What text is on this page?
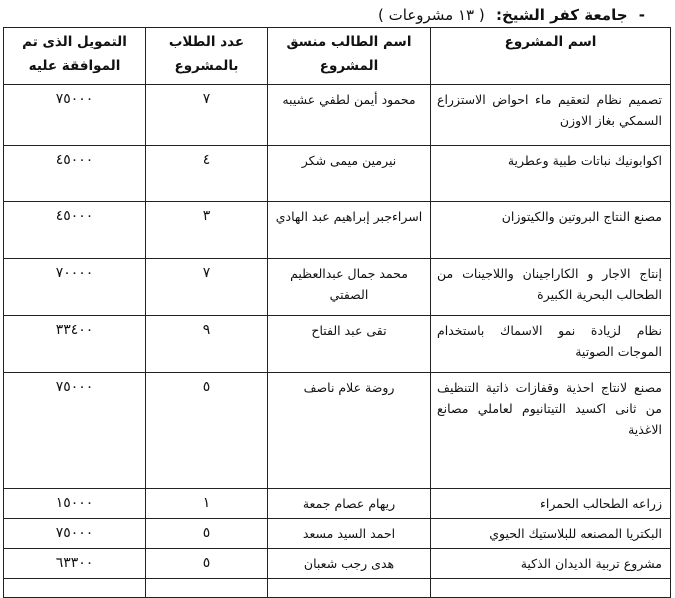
- جامعة كفر الشيخ: ( ١٣ مشروعات )
اسم المشروع	اسم الطالب منسق المشروع	عدد الطلاب بالمشروع	التمويل الذى تم الموافقة عليه
تصميم نظام لتعقيم ماء احواض الاستزراع السمكي بغاز الاوزن	محمود أيمن لطفي عشيبه	٧	٧٥٠٠٠
اكوابونيك نباتات طبية وعطرية	نيرمين ميمى شكر	٤	٤٥٠٠٠
مصنع النتاج البروتين والكيتوزان	اسراءجبر إبراهيم عبد الهادي	٣	٤٥٠٠٠
إنتاج الاجار و الكاراجينان واللاجينات من الطحالب البحرية الكبيرة	محمد جمال عبدالعظيم الصفتي	٧	٧٠٠٠٠
نظام لزيادة نمو الاسماك باستخدام الموجات الصوتية	تقى عبد الفتاح	٩	٣٣٤٠٠
مصنع لانتاج احذية وقفازات ذاتية التنظيف من ثانى اكسيد التيتانيوم لعاملي مصانع الاغذية	روضة علام ناصف	٥	٧٥٠٠٠
زراعه الطحالب الحمراء	ريهام عصام جمعة	١	١٥٠٠٠
البكتريا المصنعه للبلاستيك الحيوي	احمد السيد مسعد	٥	٧٥٠٠٠
مشروع تربية الديدان الذكية	هدى رجب شعبان	٥	٦٣٣٠٠
